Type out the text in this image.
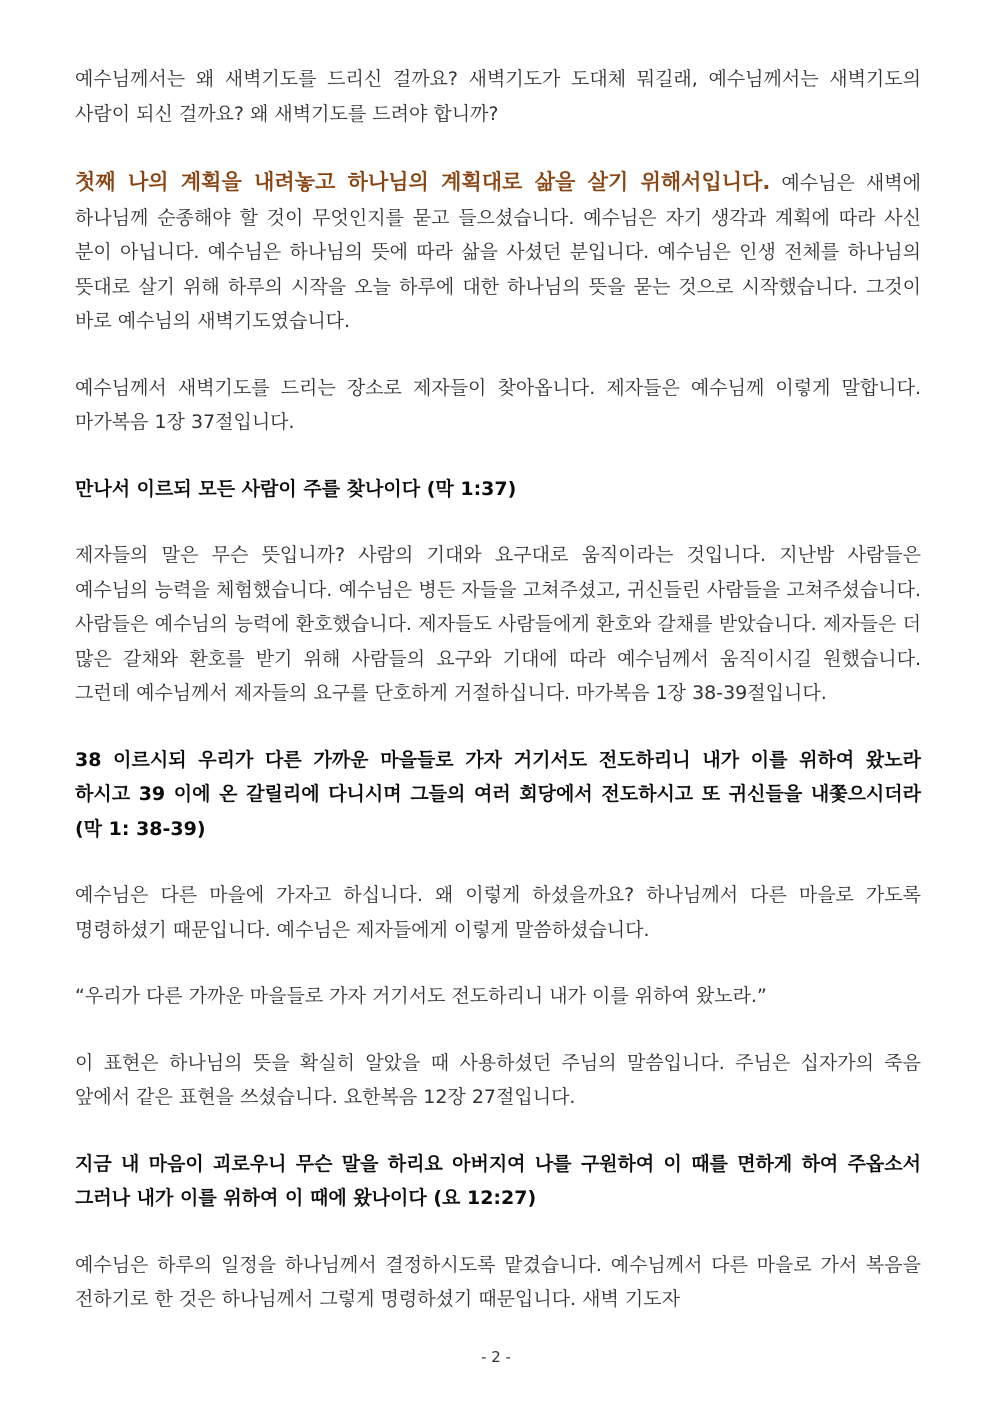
예수님께서는 왜 새벽기도를 드리신 걸까요? 새벽기도가 도대체 뭐길래, 예수님께서는 새벽기도의 사람이 되신 걸까요? 왜 새벽기도를 드려야 합니까?

첫째 나의 계획을 내려놓고 하나님의 계획대로 삶을 살기 위해서입니다. 예수님은 새벽에 하나님께 순종해야 할 것이 무엇인지를 묻고 들으셨습니다. 예수님은 자기 생각과 계획에 따라 사신 분이 아닙니다. 예수님은 하나님의 뜻에 따라 삶을 사셨던 분입니다. 예수님은 인생 전체를 하나님의 뜻대로 살기 위해 하루의 시작을 오늘 하루에 대한 하나님의 뜻을 묻는 것으로 시작했습니다. 그것이 바로 예수님의 새벽기도였습니다.

예수님께서 새벽기도를 드리는 장소로 제자들이 찾아옵니다. 제자들은 예수님께 이렇게 말합니다. 마가복음 1장 37절입니다.

만나서 이르되 모든 사람이 주를 찾나이다 (막 1:37)

제자들의 말은 무슨 뜻입니까? 사람의 기대와 요구대로 움직이라는 것입니다. 지난밤 사람들은 예수님의 능력을 체험했습니다. 예수님은 병든 자들을 고쳐주셨고, 귀신들린 사람들을 고쳐주셨습니다. 사람들은 예수님의 능력에 환호했습니다. 제자들도 사람들에게 환호와 갈채를 받았습니다. 제자들은 더 많은 갈채와 환호를 받기 위해 사람들의 요구와 기대에 따라 예수님께서 움직이시길 원했습니다. 그런데 예수님께서 제자들의 요구를 단호하게 거절하십니다. 마가복음 1장 38-39절입니다.

38 이르시되 우리가 다른 가까운 마을들로 가자 거기서도 전도하리니 내가 이를 위하여 왔노라 하시고 39 이에 온 갈릴리에 다니시며 그들의 여러 회당에서 전도하시고 또 귀신들을 내쫓으시더라 (막 1: 38-39)

예수님은 다른 마을에 가자고 하십니다. 왜 이렇게 하셨을까요? 하나님께서 다른 마을로 가도록 명령하셨기 때문입니다. 예수님은 제자들에게 이렇게 말씀하셨습니다.

“우리가 다른 가까운 마을들로 가자 거기서도 전도하리니 내가 이를 위하여 왔노라.”

이 표현은 하나님의 뜻을 확실히 알았을 때 사용하셨던 주님의 말씀입니다. 주님은 십자가의 죽음 앞에서 같은 표현을 쓰셨습니다. 요한복음 12장 27절입니다.

지금 내 마음이 괴로우니 무슨 말을 하리요 아버지여 나를 구원하여 이 때를 면하게 하여 주옵소서 그러나 내가 이를 위하여 이 때에 왔나이다 (요 12:27)

예수님은 하루의 일정을 하나님께서 결정하시도록 맡겼습니다. 예수님께서 다른 마을로 가서 복음을 전하기로 한 것은 하나님께서 그렇게 명령하셨기 때문입니다. 새벽 기도자

- 2 -
